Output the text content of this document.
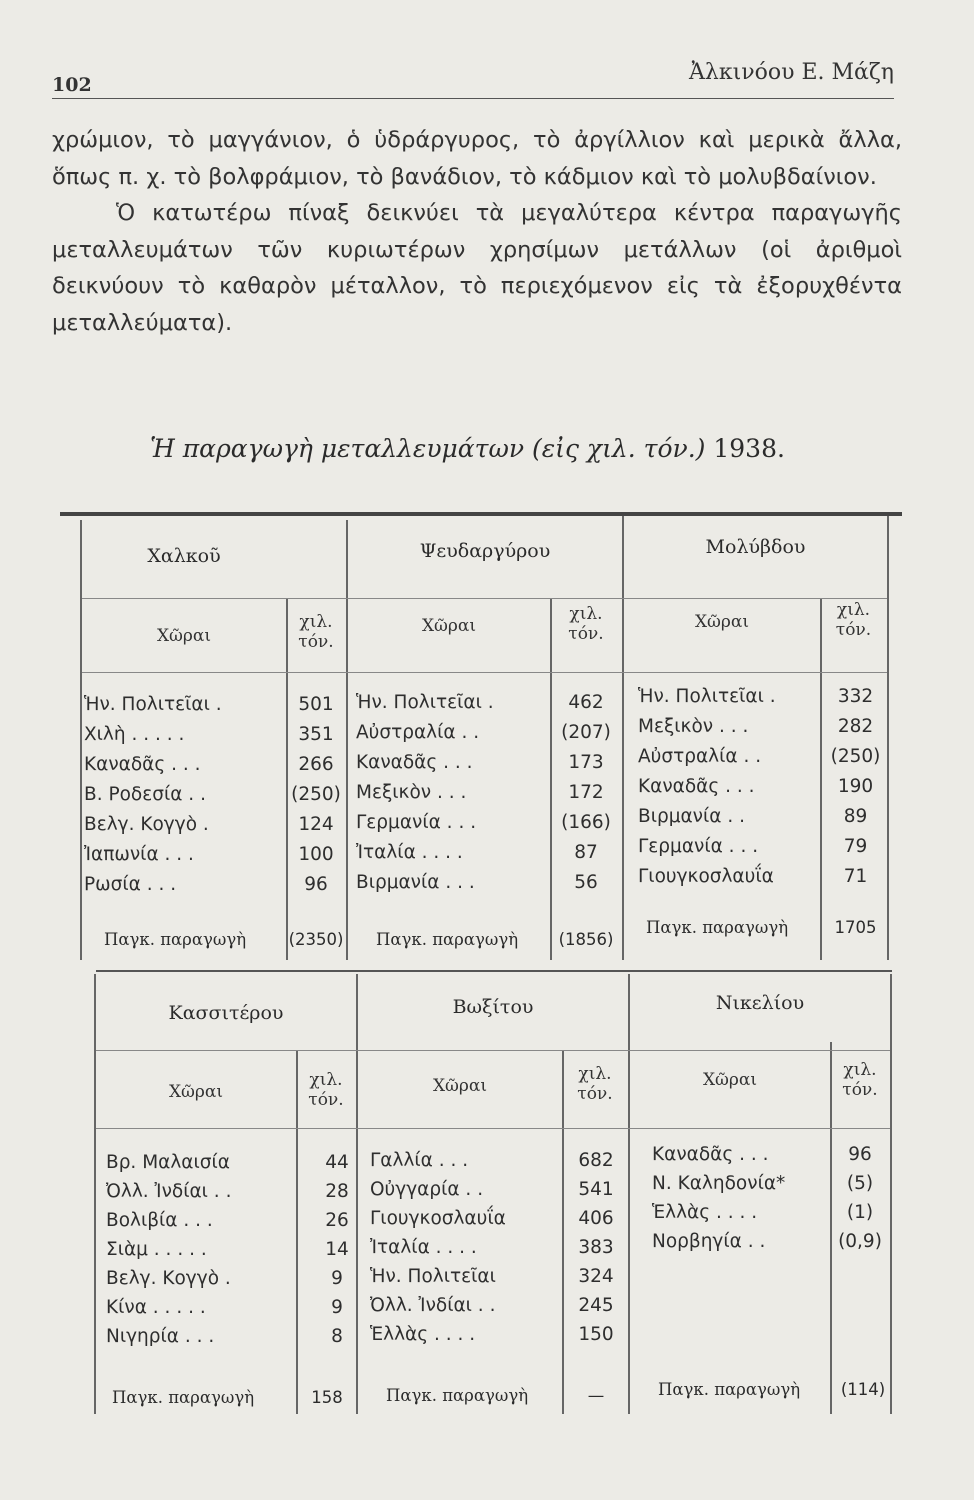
102	Ἀλκινόου Ε. Μάζη

χρώμιον, τὸ μαγγάνιον, ὁ ὑδράργυρος, τὸ ἀργίλλιον καὶ μερικὰ ἄλλα, ὅπως π. χ. τὸ βολφράμιον, τὸ βανάδιον, τὸ κάδμιον καὶ τὸ μολυβδαίνιον.

Ὁ κατωτέρω πίναξ δεικνύει τὰ μεγαλύτερα κέντρα παραγωγῆς μεταλλευμάτων τῶν κυριωτέρων χρησίμων μετάλλων (οἱ ἀριθμοὶ δεικνύουν τὸ καθαρὸν μέταλλον, τὸ περιεχόμενον εἰς τὰ ἐξορυχθέντα μεταλλεύματα).

Ἡ παραγωγὴ μεταλλευμάτων (εἰς χιλ. τόν.) 1938.
Χαλκοῦ
Χῶραι
χιλ.
τόν.
Ἡν. Πολιτεῖαι .	501
Χιλὴ . . . . .	351
Καναδᾶς . . .	266
Β. Ροδεσία . .	(250)
Βελγ. Κογγὸ .	124
Ἰαπωνία . . .	100
Ρωσία . . .	96
Παγκ. παραγωγὴ	(2350)
Ψευδαργύρου
Χῶραι
χιλ.
τόν.
Ἡν. Πολιτεῖαι .	462
Αὐστραλία . .	(207)
Καναδᾶς . . .	173
Μεξικὸν . . .	172
Γερμανία . . .	(166)
Ἰταλία . . . .	87
Βιρμανία . . .	56
Παγκ. παραγωγὴ	(1856)
Μολύβδου
Χῶραι
χιλ.
τόν.
Ἡν. Πολιτεῖαι .	332
Μεξικὸν . . .	282
Αὐστραλία . .	(250)
Καναδᾶς . . .	190
Βιρμανία . .	89
Γερμανία . . .	79
Γιουγκοσλαυΐα	71
Παγκ. παραγωγὴ	1705
Κασσιτέρου
Χῶραι
χιλ.
τόν.
Βρ. Μαλαισία	44
Ὀλλ. Ἰνδίαι . .	28
Βολιβία . . .	26
Σιὰμ . . . . .	14
Βελγ. Κογγὸ .	9
Κίνα . . . . .	9
Νιγηρία . . .	8
Παγκ. παραγωγὴ	158
Βωξίτου
Χῶραι
χιλ.
τόν.
Γαλλία . . .	682
Οὐγγαρία . .	541
Γιουγκοσλαυΐα	406
Ἰταλία . . . .	383
Ἡν. Πολιτεῖαι	324
Ὀλλ. Ἰνδίαι . .	245
Ἑλλὰς . . . .	150
Παγκ. παραγωγὴ	—
Νικελίου
Χῶραι	χιλ.
τόν.
Καναδᾶς . . .	96
Ν. Καληδονία*	(5)
Ἑλλὰς . . . .	(1)
Νορβηγία . .	(0,9)
Παγκ. παραγωγὴ (114)
